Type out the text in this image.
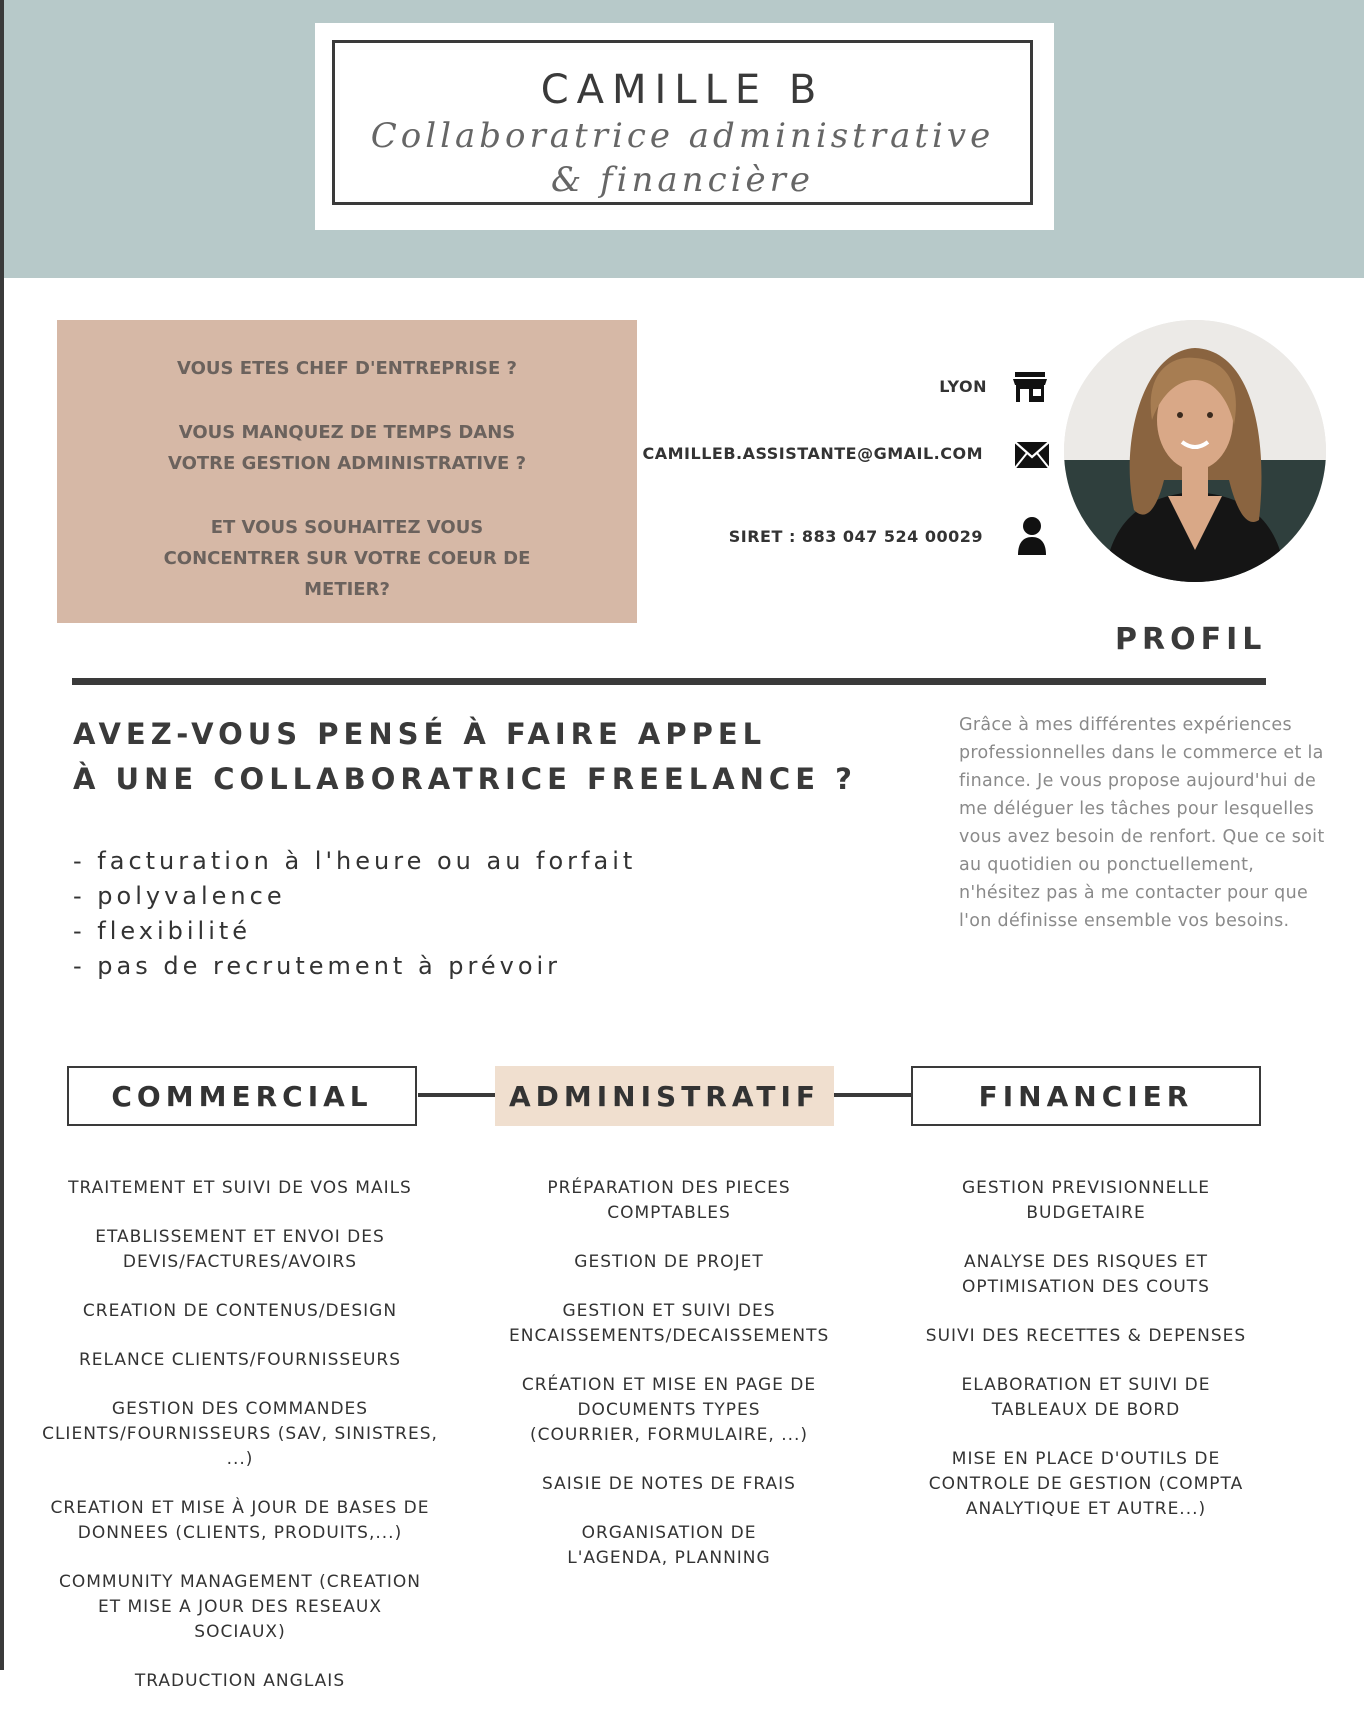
CAMILLE B
Collaboratrice administrative & financière

VOUS ETES CHEF D'ENTREPRISE ?

VOUS MANQUEZ DE TEMPS DANS VOTRE GESTION ADMINISTRATIVE ?

ET VOUS SOUHAITEZ VOUS CONCENTRER SUR VOTRE COEUR DE METIER?

LYON
CAMILLEB.ASSISTANTE@GMAIL.COM
SIRET : 883 047 524 00029
PROFIL
AVEZ-VOUS PENSÉ À FAIRE APPEL
À UNE COLLABORATRICE FREELANCE ?
- facturation à l'heure ou au forfait
- polyvalence
- flexibilité
- pas de recrutement à prévoir
Grâce à mes différentes expériences professionnelles dans le commerce et la finance. Je vous propose aujourd'hui de me déléguer les tâches pour lesquelles vous avez besoin de renfort. Que ce soit au quotidien ou ponctuellement, n'hésitez pas à me contacter pour que l'on définisse ensemble vos besoins.
COMMERCIAL	ADMINISTRATIF	FINANCIER
TRAITEMENT ET SUIVI DE VOS MAILS
ETABLISSEMENT ET ENVOI DES DEVIS/FACTURES/AVOIRS
CREATION DE CONTENUS/DESIGN
RELANCE CLIENTS/FOURNISSEURS
GESTION DES COMMANDES CLIENTS/FOURNISSEURS (SAV, SINISTRES, ...)
CREATION ET MISE À JOUR DE BASES DE DONNEES (CLIENTS, PRODUITS,...)
COMMUNITY MANAGEMENT (CREATION ET MISE A JOUR DES RESEAUX SOCIAUX)
TRADUCTION ANGLAIS
PRÉPARATION DES PIECES COMPTABLES
GESTION DE PROJET
GESTION ET SUIVI DES ENCAISSEMENTS/DECAISSEMENTS
CRÉATION ET MISE EN PAGE DE DOCUMENTS TYPES (COURRIER, FORMULAIRE, ...)
SAISIE DE NOTES DE FRAIS
ORGANISATION DE L'AGENDA, PLANNING
GESTION PREVISIONNELLE BUDGETAIRE
ANALYSE DES RISQUES ET OPTIMISATION DES COUTS
SUIVI DES RECETTES & DEPENSES
ELABORATION ET SUIVI DE TABLEAUX DE BORD
MISE EN PLACE D'OUTILS DE CONTROLE DE GESTION (COMPTA ANALYTIQUE ET AUTRE...)
